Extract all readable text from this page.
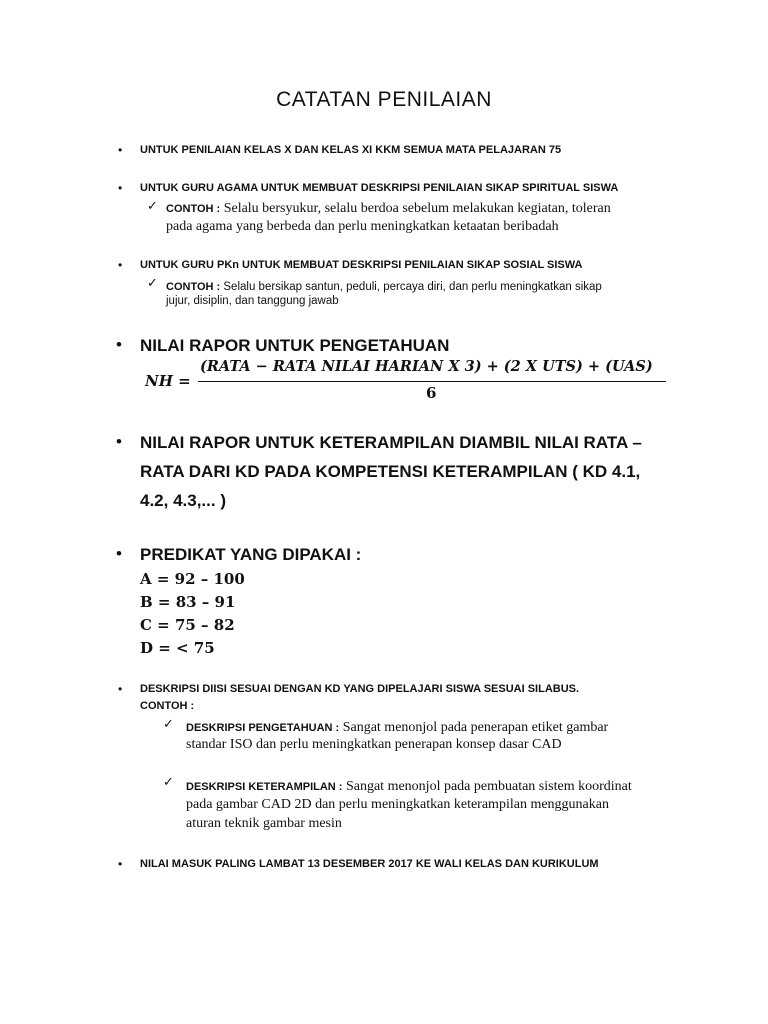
CATATAN PENILAIAN
• UNTUK PENILAIAN KELAS X DAN KELAS XI KKM SEMUA MATA PELAJARAN 75
• UNTUK GURU AGAMA UNTUK MEMBUAT DESKRIPSI PENILAIAN SIKAP SPIRITUAL SISWA
✓ CONTOH : Selalu bersyukur, selalu berdoa sebelum melakukan kegiatan, toleran
pada agama yang berbeda dan perlu meningkatkan ketaatan beribadah
• UNTUK GURU PKn UNTUK MEMBUAT DESKRIPSI PENILAIAN SIKAP SOSIAL SISWA
✓ CONTOH : Selalu bersikap santun, peduli, percaya diri, dan perlu meningkatkan sikap
jujur, disiplin, dan tanggung jawab
• NILAI RAPOR UNTUK PENGETAHUAN
NH =
(RATA − RATA NILAI HARIAN X 3) + (2 X UTS) + (UAS)
6
• NILAI RAPOR UNTUK KETERAMPILAN DIAMBIL NILAI RATA –
RATA DARI KD PADA KOMPETENSI KETERAMPILAN ( KD 4.1,
4.2, 4.3,... )
• PREDIKAT YANG DIPAKAI :
A = 92 – 100
B = 83 – 91
C = 75 – 82
D = < 75
• DESKRIPSI DIISI SESUAI DENGAN KD YANG DIPELAJARI SISWA SESUAI SILABUS.
CONTOH :
✓ DESKRIPSI PENGETAHUAN : Sangat menonjol pada penerapan etiket gambar
standar ISO dan perlu meningkatkan penerapan konsep dasar CAD
✓ DESKRIPSI KETERAMPILAN : Sangat menonjol pada pembuatan sistem koordinat
pada gambar CAD 2D dan perlu meningkatkan keterampilan menggunakan
aturan teknik gambar mesin
• NILAI MASUK PALING LAMBAT 13 DESEMBER 2017 KE WALI KELAS DAN KURIKULUM
